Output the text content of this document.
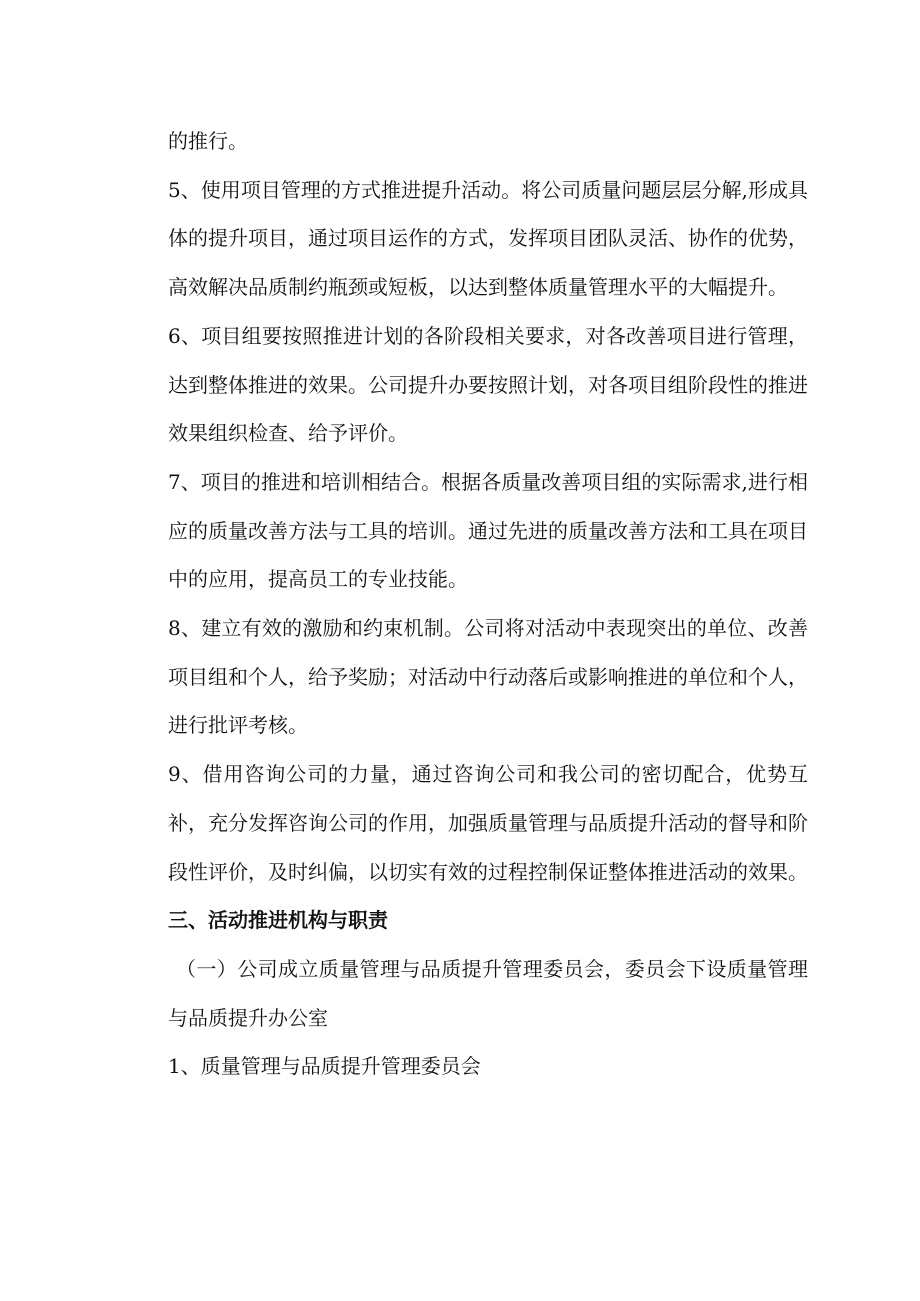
的推行。

5、使用项目管理的方式推进提升活动。将公司质量问题层层分解,形成具体的提升项目，通过项目运作的方式，发挥项目团队灵活、协作的优势，高效解决品质制约瓶颈或短板，以达到整体质量管理水平的大幅提升。

6、项目组要按照推进计划的各阶段相关要求，对各改善项目进行管理，达到整体推进的效果。公司提升办要按照计划，对各项目组阶段性的推进效果组织检查、给予评价。

7、项目的推进和培训相结合。根据各质量改善项目组的实际需求,进行相应的质量改善方法与工具的培训。通过先进的质量改善方法和工具在项目中的应用，提高员工的专业技能。

8、建立有效的激励和约束机制。公司将对活动中表现突出的单位、改善项目组和个人，给予奖励；对活动中行动落后或影响推进的单位和个人，进行批评考核。

9、借用咨询公司的力量，通过咨询公司和我公司的密切配合，优势互补，充分发挥咨询公司的作用，加强质量管理与品质提升活动的督导和阶段性评价，及时纠偏，以切实有效的过程控制保证整体推进活动的效果。

三、活动推进机构与职责

（一）公司成立质量管理与品质提升管理委员会，委员会下设质量管理与品质提升办公室

1、质量管理与品质提升管理委员会
